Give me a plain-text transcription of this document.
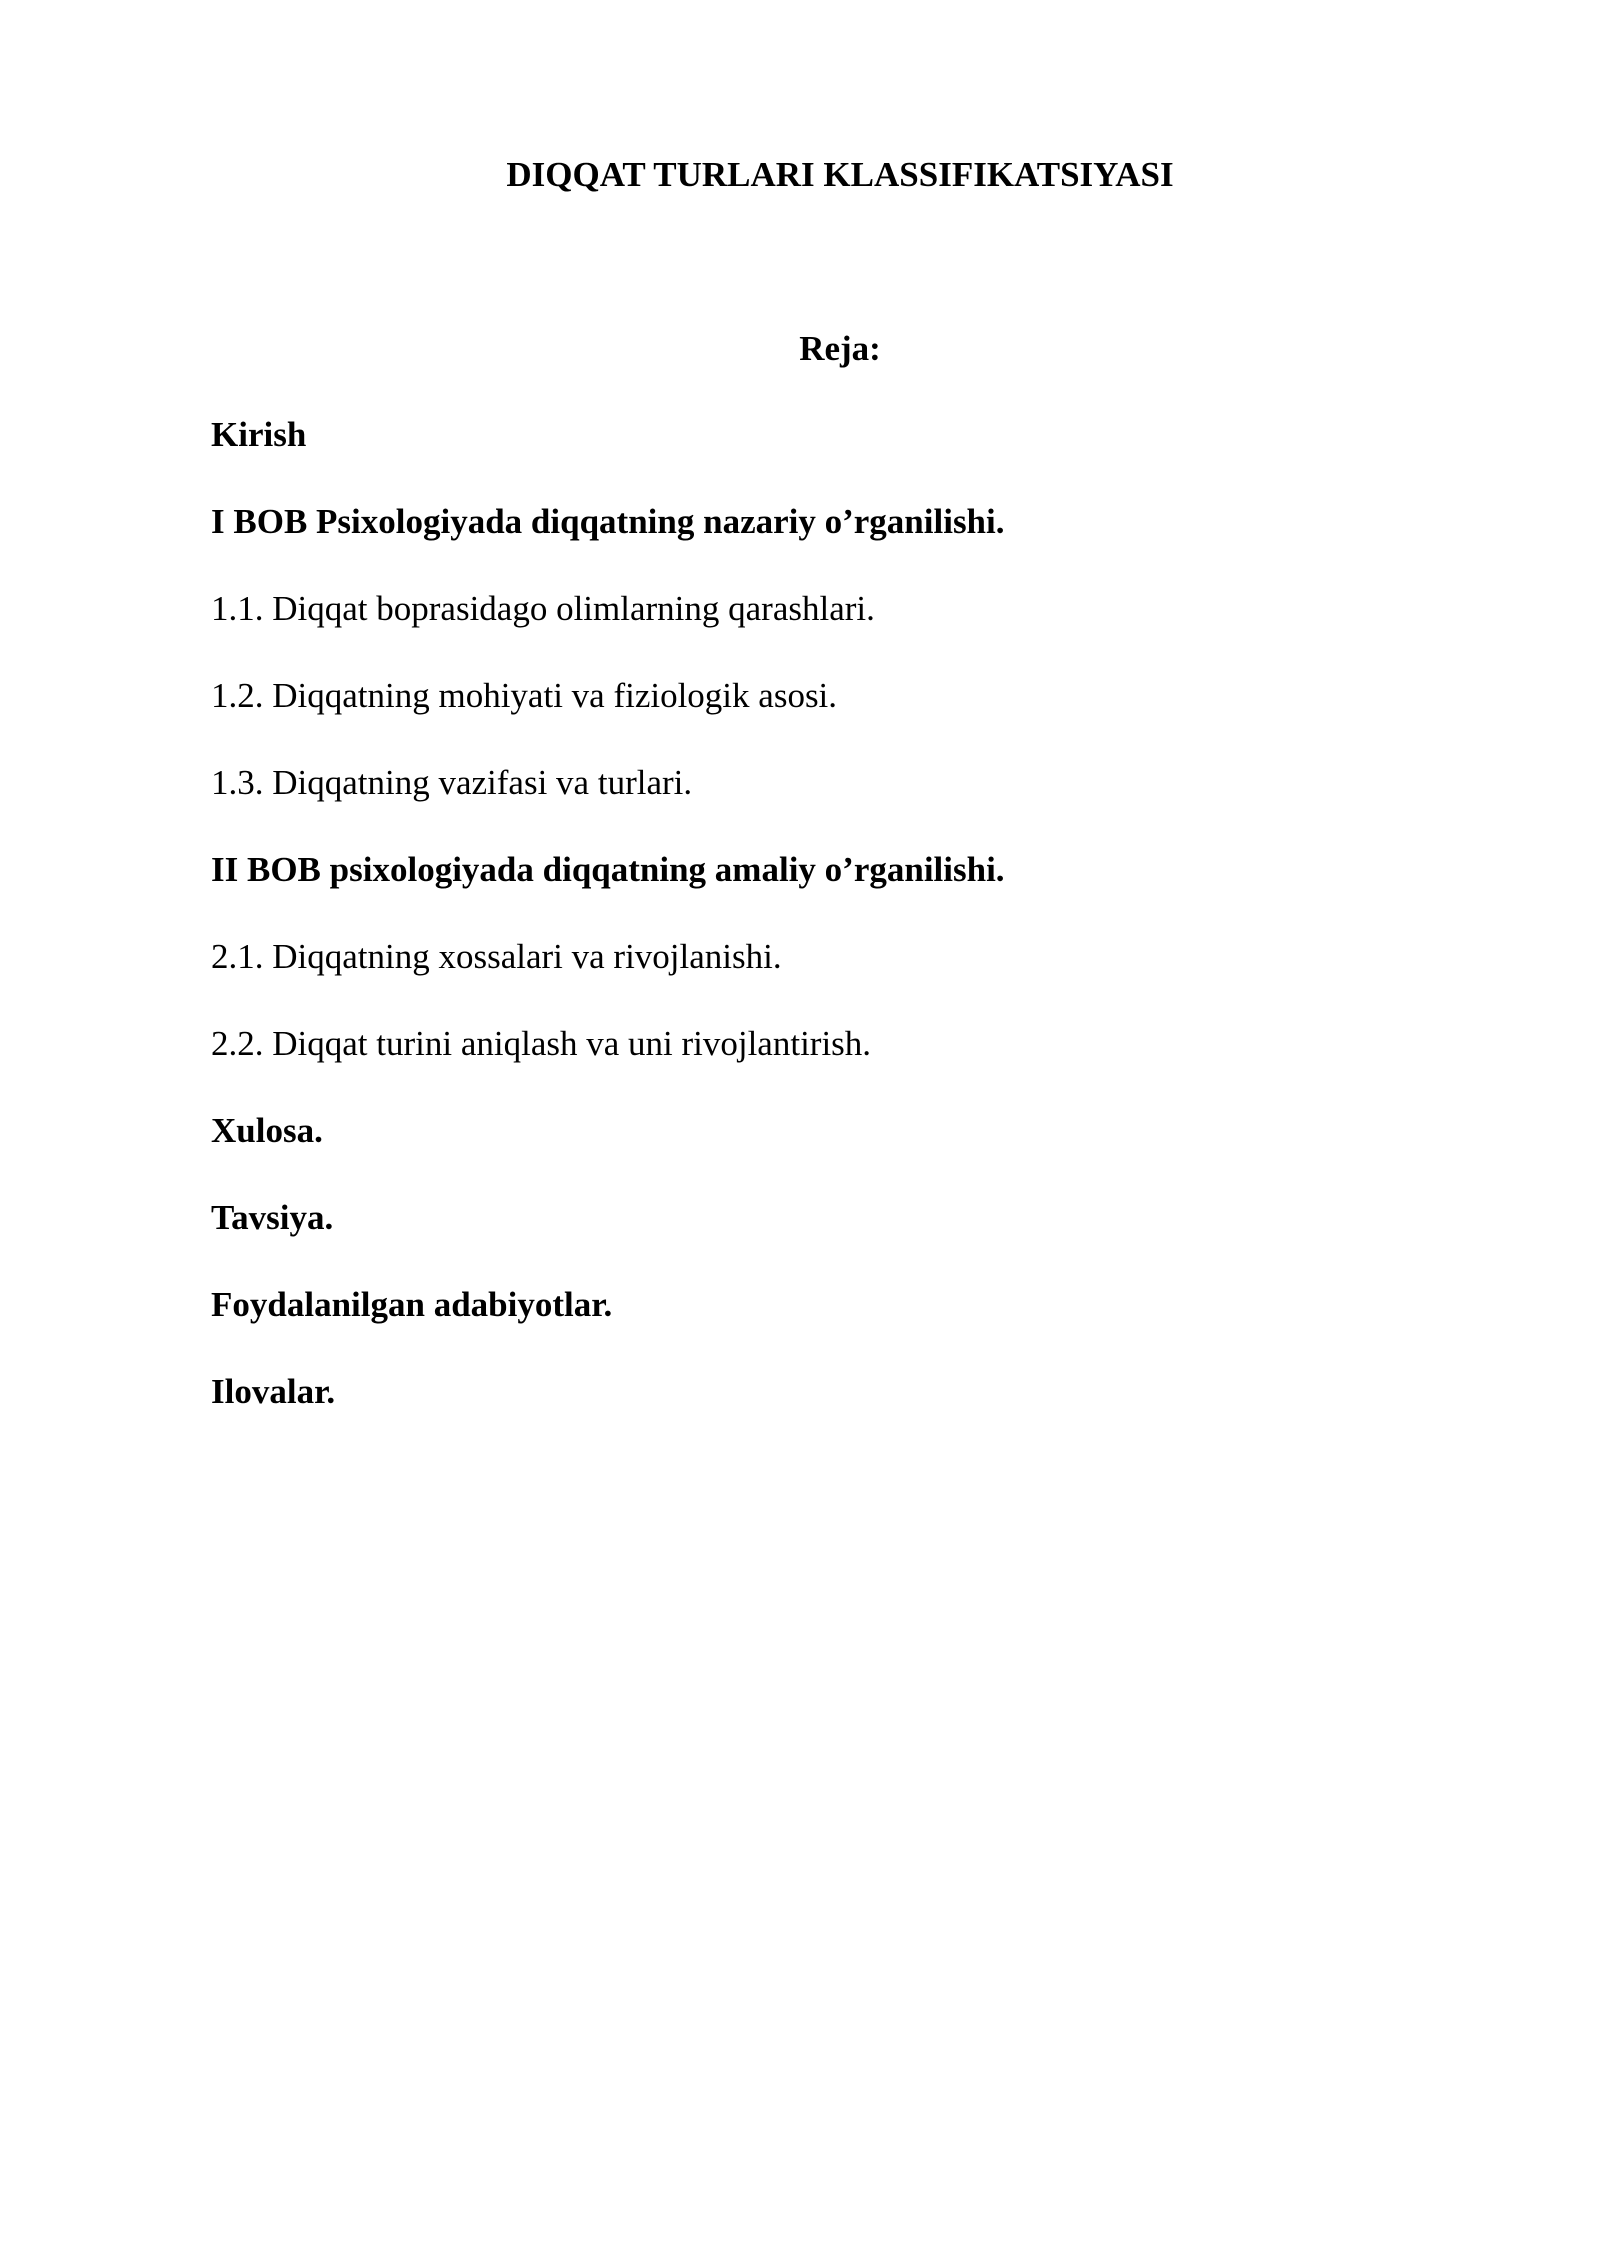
DIQQAT TURLARI KLASSIFIKATSIYASI
Reja:
Kirish
I BOB Psixologiyada diqqatning nazariy o’rganilishi.
1.1. Diqqat boprasidago olimlarning qarashlari.
1.2. Diqqatning mohiyati va fiziologik asosi.
1.3. Diqqatning vazifasi va turlari.
II BOB psixologiyada diqqatning amaliy o’rganilishi.
2.1. Diqqatning xossalari va rivojlanishi.
2.2. Diqqat turini aniqlash va uni rivojlantirish.
Xulosa.
Tavsiya.
Foydalanilgan adabiyotlar.
Ilovalar.
